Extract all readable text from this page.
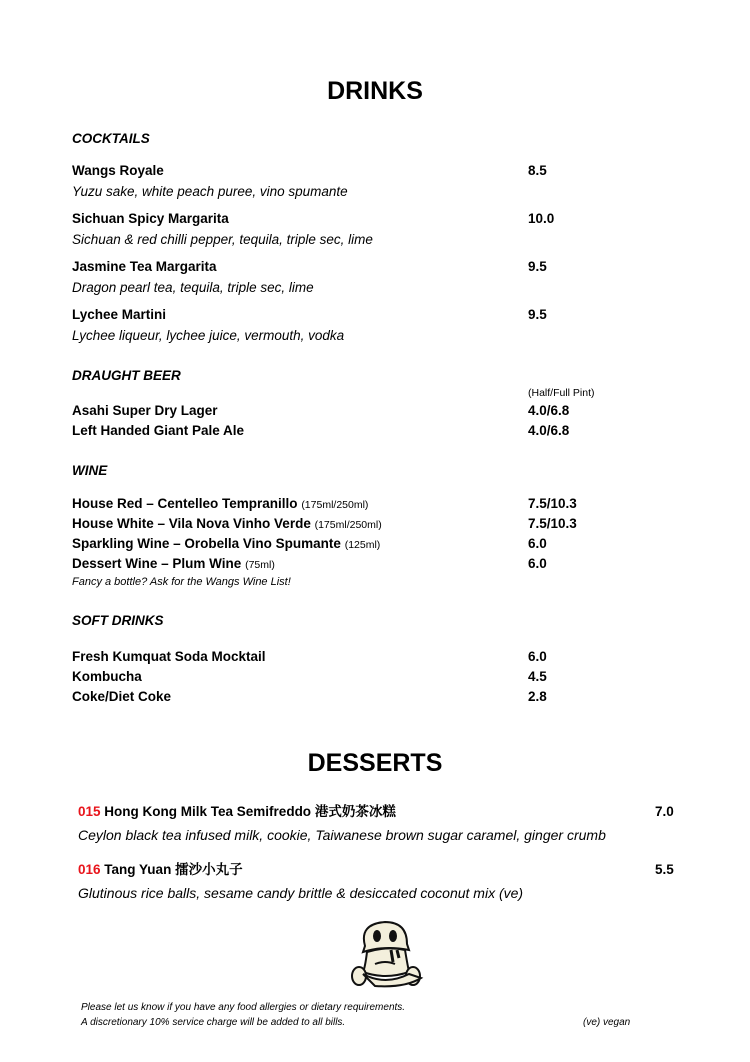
DRINKS
COCKTAILS
Wangs Royale	8.5
Yuzu sake, white peach puree, vino spumante
Sichuan Spicy Margarita	10.0
Sichuan & red chilli pepper, tequila, triple sec, lime
Jasmine Tea Margarita	9.5
Dragon pearl tea, tequila, triple sec, lime
Lychee Martini	9.5
Lychee liqueur, lychee juice, vermouth, vodka
DRAUGHT BEER
(Half/Full Pint)
Asahi Super Dry Lager	4.0/6.8
Left Handed Giant Pale Ale	4.0/6.8
WINE
House Red – Centelleo Tempranillo (175ml/250ml)	7.5/10.3
House White – Vila Nova Vinho Verde (175ml/250ml)	7.5/10.3
Sparkling Wine – Orobella Vino Spumante (125ml)	6.0
Dessert Wine – Plum Wine (75ml)	6.0
Fancy a bottle? Ask for the Wangs Wine List!
SOFT DRINKS
Fresh Kumquat Soda Mocktail	6.0
Kombucha	4.5
Coke/Diet Coke	2.8
DESSERTS
015 Hong Kong Milk Tea Semifreddo 港式奶茶冰糕	7.0
Ceylon black tea infused milk, cookie, Taiwanese brown sugar caramel, ginger crumb
016 Tang Yuan 擂沙小丸子	5.5
Glutinous rice balls, sesame candy brittle & desiccated coconut mix (ve)
Please let us know if you have any food allergies or dietary requirements.
A discretionary 10% service charge will be added to all bills.	(ve) vegan
